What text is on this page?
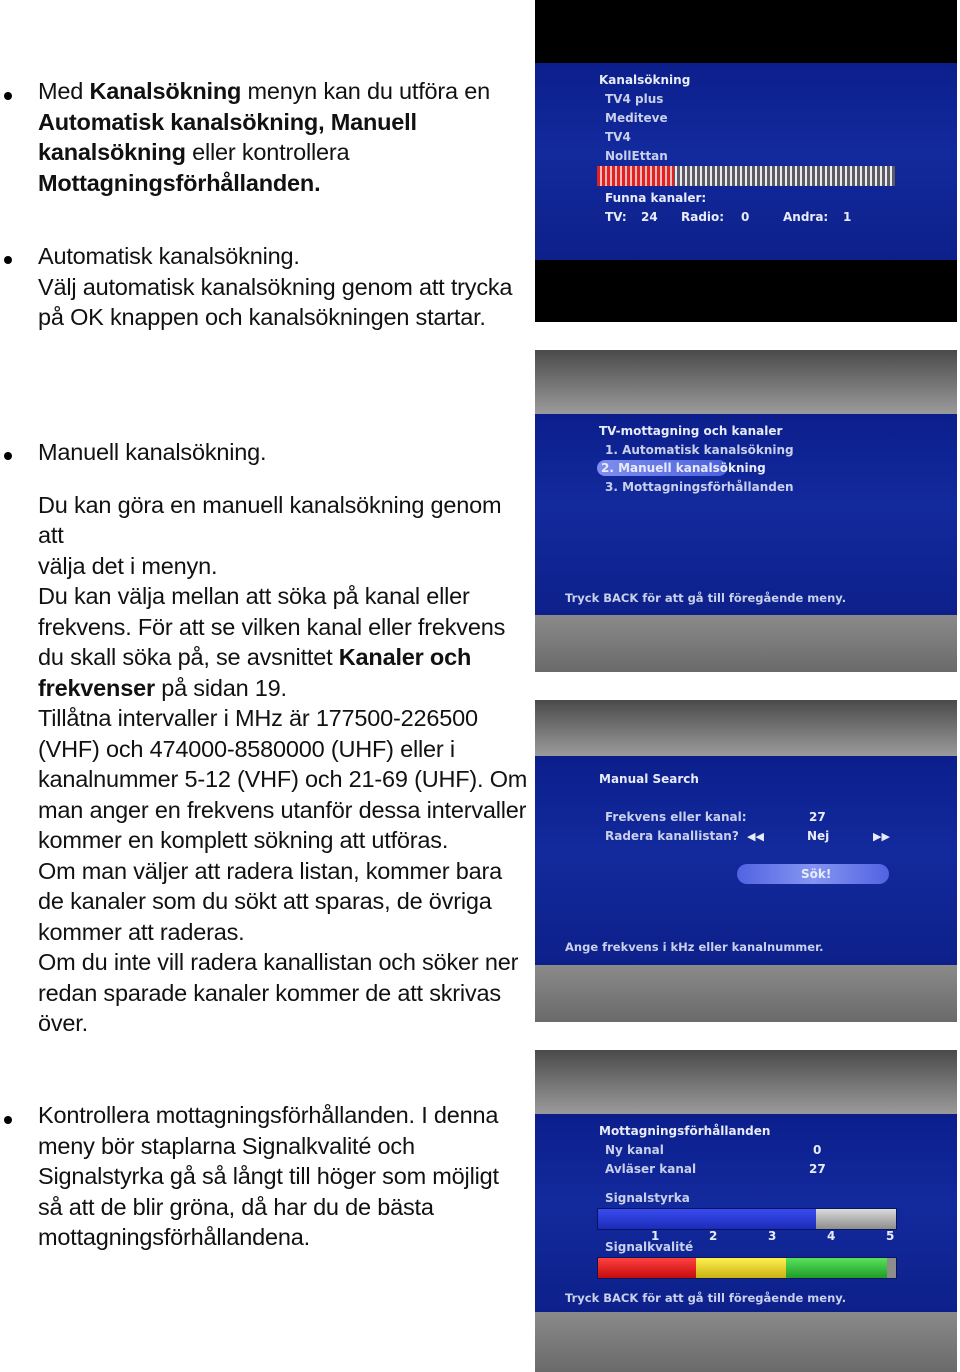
Med Kanalsökning menyn kan du utföra en
Automatisk kanalsökning, Manuell
kanalsökning eller kontrollera
Mottagningsförhållanden.
Automatisk kanalsökning.
Välj automatisk kanalsökning genom att trycka
på OK knappen och kanalsökningen startar.
Manuell kanalsökning.

Du kan göra en manuell kanalsökning genom att
välja det i menyn.
Du kan välja mellan att söka på kanal eller
frekvens. För att se vilken kanal eller frekvens
du skall söka på, se avsnittet Kanaler och
frekvenser på sidan 19.
Tillåtna intervaller i MHz är 177500-226500
(VHF) och 474000-8580000 (UHF) eller i
kanalnummer 5-12 (VHF) och 21-69 (UHF). Om
man anger en frekvens utanför dessa intervaller
kommer en komplett sökning att utföras.
Om man väljer att radera listan, kommer bara
de kanaler som du sökt att sparas, de övriga
kommer att raderas.
Om du inte vill radera kanallistan och söker ner
redan sparade kanaler kommer de att skrivas
över.
Kontrollera mottagningsförhållanden. I denna
meny bör staplarna Signalkvalité och
Signalstyrka gå så långt till höger som möjligt
så att de blir gröna, då har du de bästa
mottagningsförhållandena.
Kanalsökning
TV4 plus
Mediteve
TV4
NollEttan
Funna kanaler:
TV: 24 Radio: 0	Andra: 1
TV-mottagning och kanaler
1. Automatisk kanalsökning
2. Manuell kanalsökning
3. Mottagningsförhållanden
Tryck BACK för att gå till föregående meny.
Manual Search
Frekvens eller kanal:	27
Radera kanallistan? ◀◀	Nej	▶▶
Sök!
Ange frekvens i kHz eller kanalnummer.
Mottagningsförhållanden
Ny kanal	0
Avläser kanal	27
Signalstyrka
1	2	3	4	5
Signalkvalité
Tryck BACK för att gå till föregående meny.
